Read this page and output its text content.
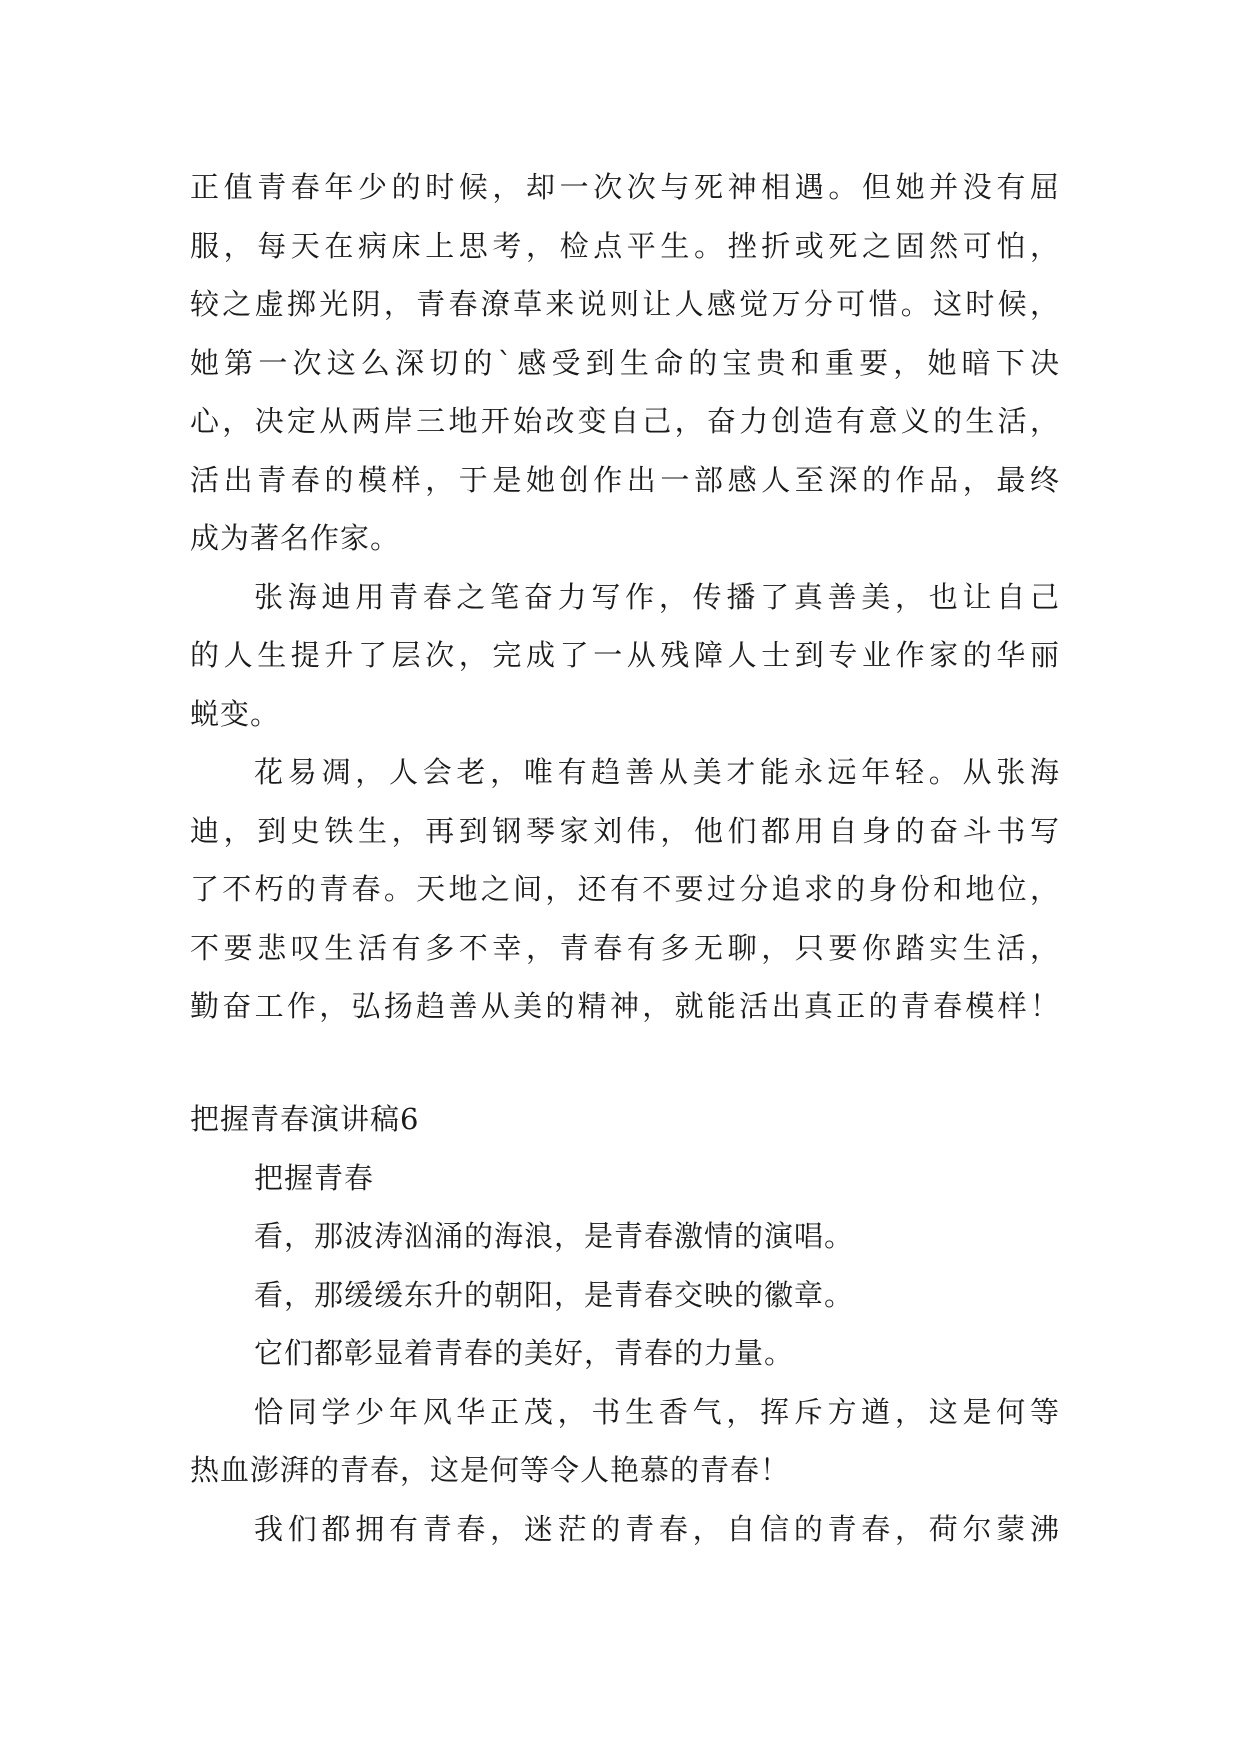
正值青春年少的时候，却一次次与死神相遇。但她并没有屈
服，每天在病床上思考，检点平生。挫折或死之固然可怕，
较之虚掷光阴，青春潦草来说则让人感觉万分可惜。这时候，
她第一次这么深切的`感受到生命的宝贵和重要，她暗下决
心，决定从两岸三地开始改变自己，奋力创造有意义的生活，
活出青春的模样，于是她创作出一部感人至深的作品，最终
成为著名作家。
张海迪用青春之笔奋力写作，传播了真善美，也让自己
的人生提升了层次，完成了一从残障人士到专业作家的华丽
蜕变。
花易凋，人会老，唯有趋善从美才能永远年轻。从张海
迪，到史铁生，再到钢琴家刘伟，他们都用自身的奋斗书写
了不朽的青春。天地之间，还有不要过分追求的身份和地位，
不要悲叹生活有多不幸，青春有多无聊，只要你踏实生活，
勤奋工作，弘扬趋善从美的精神，就能活出真正的青春模样！
把握青春演讲稿6
把握青春
看，那波涛汹涌的海浪，是青春激情的演唱。
看，那缓缓东升的朝阳，是青春交映的徽章。
它们都彰显着青春的美好，青春的力量。
恰同学少年风华正茂，书生香气，挥斥方遒，这是何等
热血澎湃的青春，这是何等令人艳慕的青春！
我们都拥有青春，迷茫的青春，自信的青春，荷尔蒙沸
